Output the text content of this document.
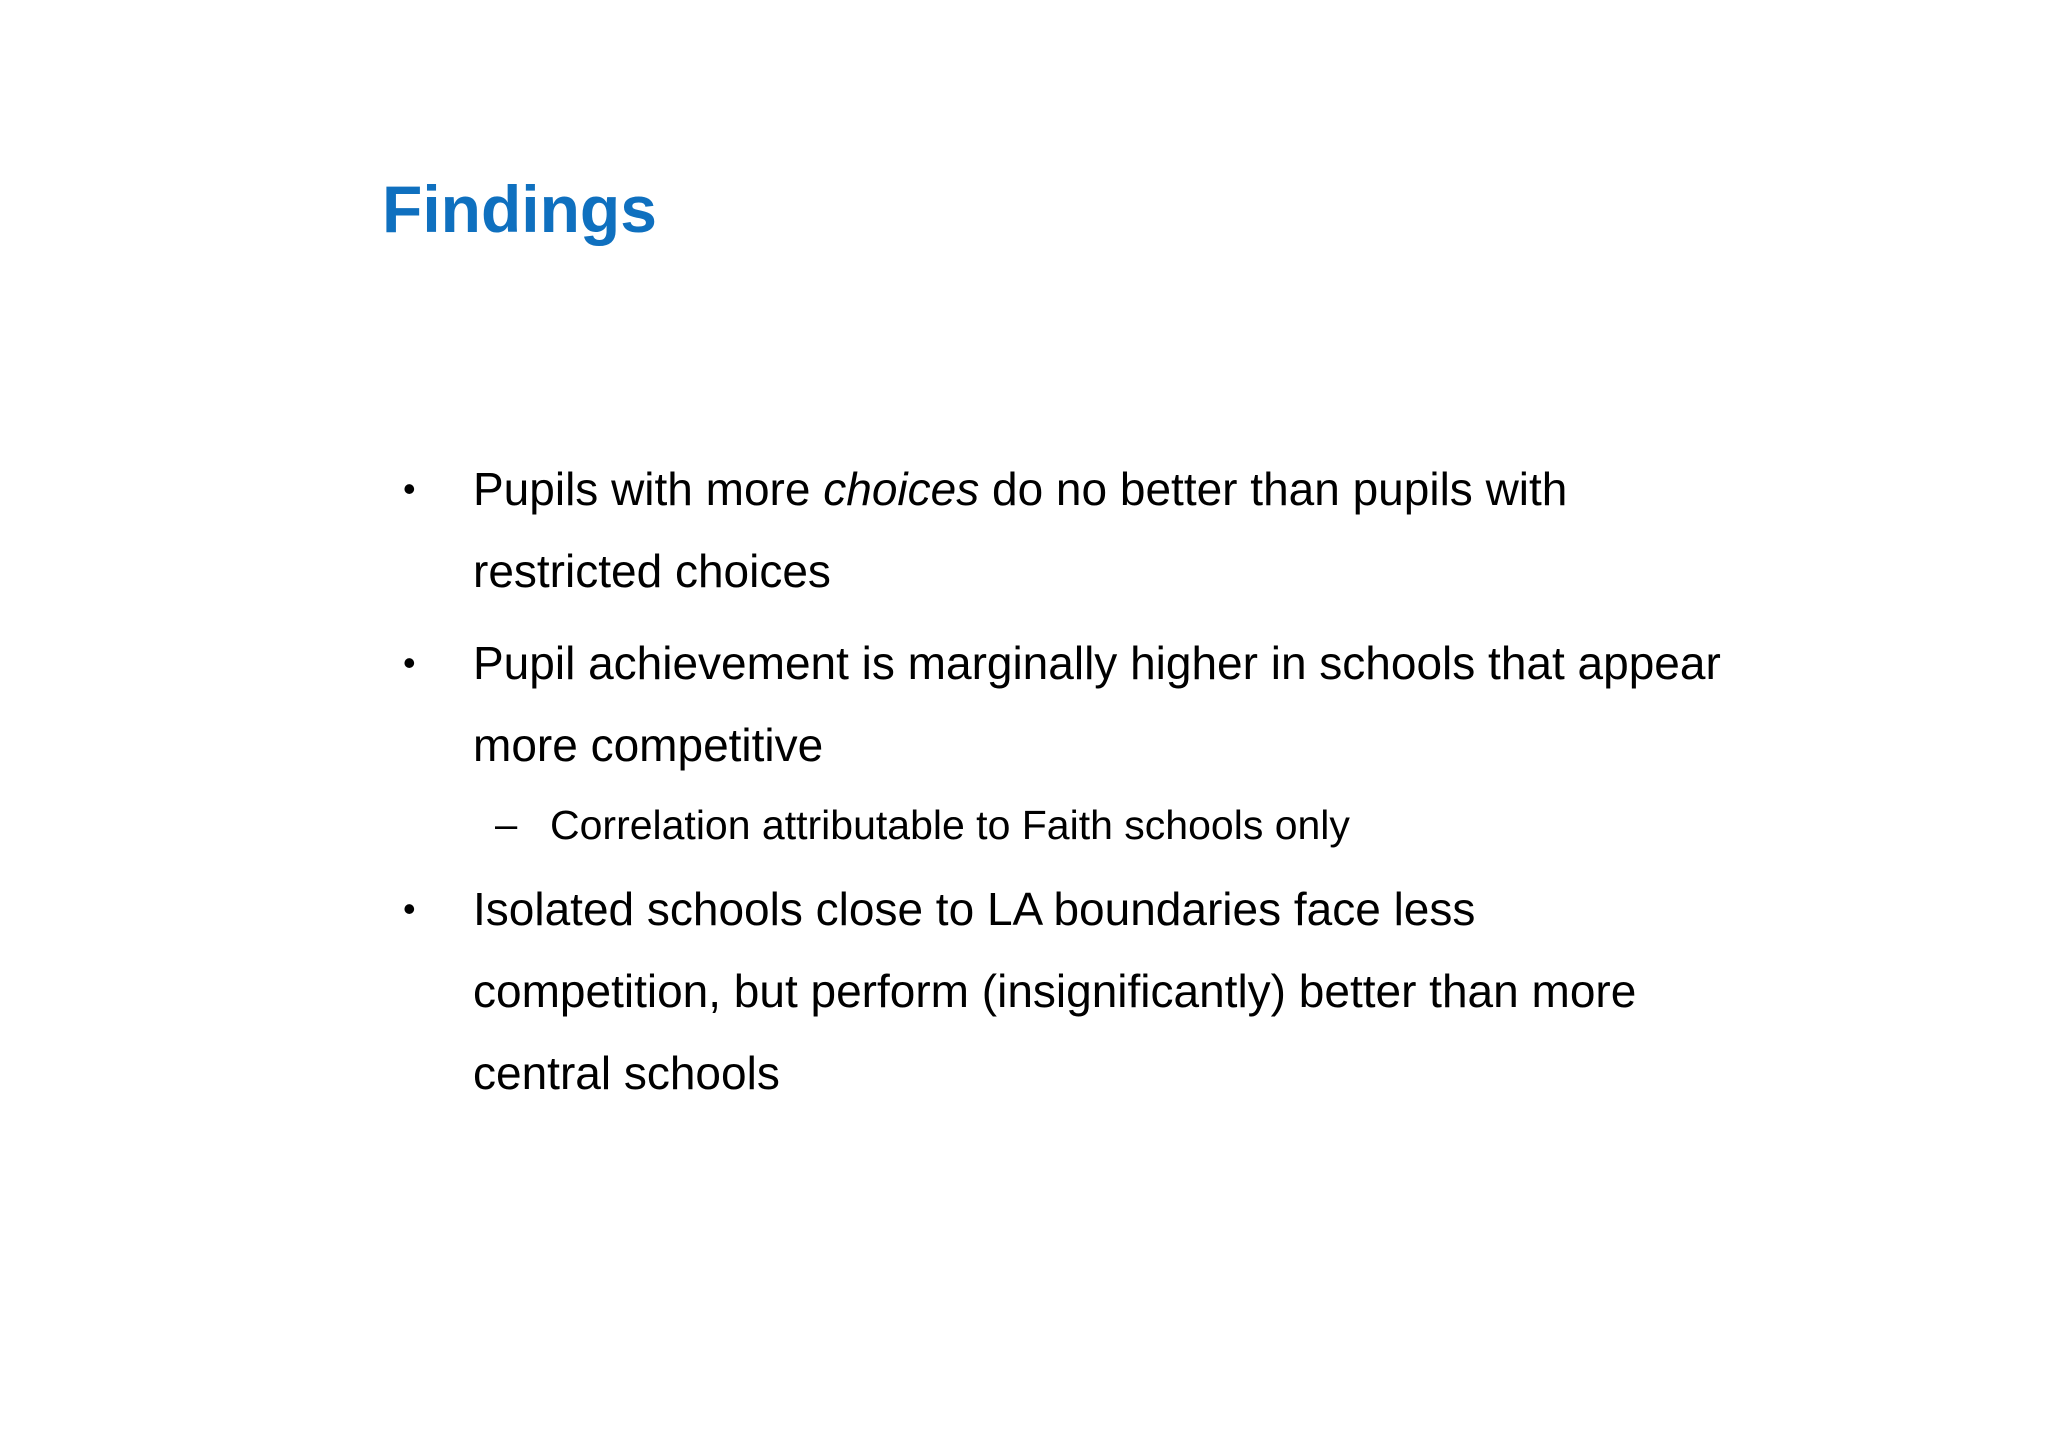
Findings
• Pupils with more choices do no better than pupils with restricted choices
• Pupil achievement is marginally higher in schools that appear more competitive
– Correlation attributable to Faith schools only
• Isolated schools close to LA boundaries face less competition, but perform (insignificantly) better than more central schools
